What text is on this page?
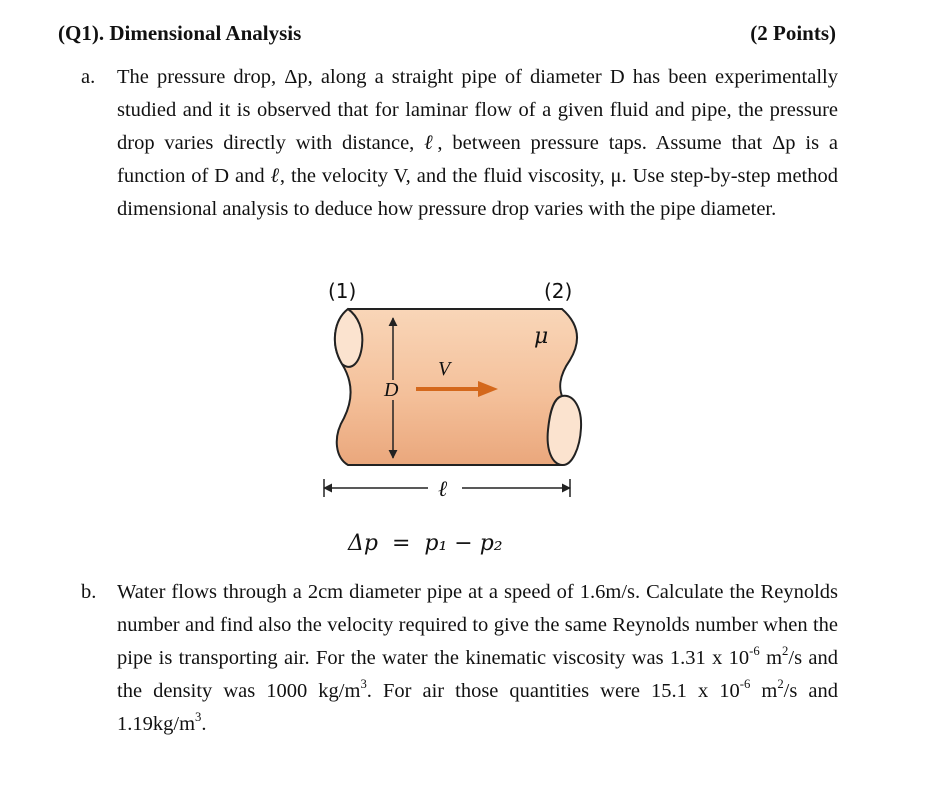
(Q1). Dimensional Analysis	(2 Points)
a. The pressure drop, Δp, along a straight pipe of diameter D has been experimentally studied and it is observed that for laminar flow of a given fluid and pipe, the pressure drop varies directly with distance, ℓ, between pressure taps. Assume that Δp is a function of D and ℓ, the velocity V, and the fluid viscosity, μ. Use step-by-step method dimensional analysis to deduce how pressure drop varies with the pipe diameter.
D
V
(1)	(2)
μ
ℓ
Δp  =  p₁ − p₂
b. Water flows through a 2cm diameter pipe at a speed of 1.6m/s. Calculate the Reynolds number and find also the velocity required to give the same Reynolds number when the pipe is transporting air. For the water the kinematic viscosity was 1.31 x $10^{-6}$ $m^2/s$ and the density was 1000 $kg/m^3$. For air those quantities were 15.1 x $10^{-6}$ $m^2/s$ and $1.19kg/m^3$.
